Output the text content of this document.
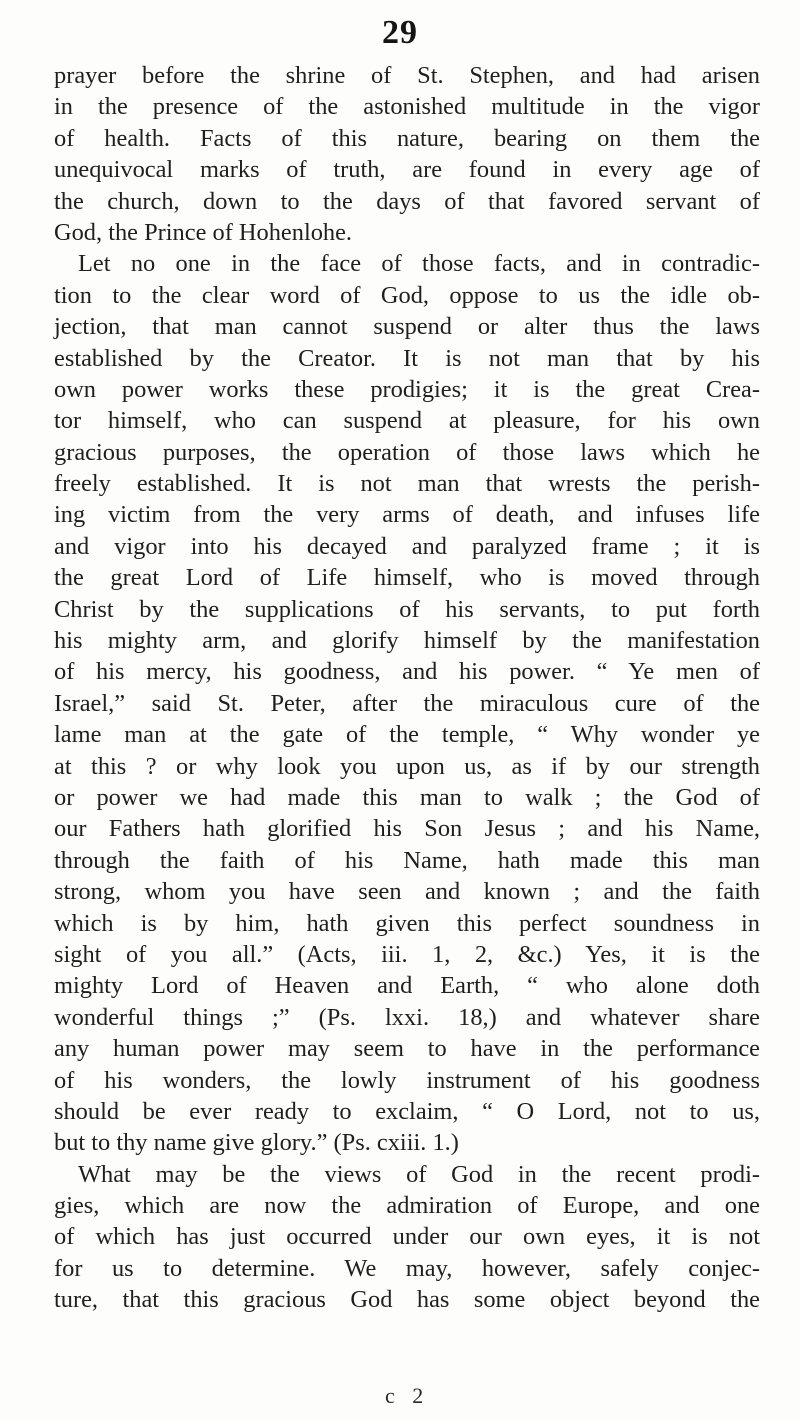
29
prayer before the shrine of St. Stephen, and had arisen
in the presence of the astonished multitude in the vigor
of health. Facts of this nature, bearing on them the
unequivocal marks of truth, are found in every age of
the church, down to the days of that favored servant of
God, the Prince of Hohenlohe.
Let no one in the face of those facts, and in contradic-
tion to the clear word of God, oppose to us the idle ob-
jection, that man cannot suspend or alter thus the laws
established by the Creator. It is not man that by his
own power works these prodigies; it is the great Crea-
tor himself, who can suspend at pleasure, for his own
gracious purposes, the operation of those laws which he
freely established. It is not man that wrests the perish-
ing victim from the very arms of death, and infuses life
and vigor into his decayed and paralyzed frame ; it is
the great Lord of Life himself, who is moved through
Christ by the supplications of his servants, to put forth
his mighty arm, and glorify himself by the manifestation
of his mercy, his goodness, and his power. “ Ye men of
Israel,” said St. Peter, after the miraculous cure of the
lame man at the gate of the temple, “ Why wonder ye
at this ? or why look you upon us, as if by our strength
or power we had made this man to walk ; the God of
our Fathers hath glorified his Son Jesus ; and his Name,
through the faith of his Name, hath made this man
strong, whom you have seen and known ; and the faith
which is by him, hath given this perfect soundness in
sight of you all.” (Acts, iii. 1, 2, &c.) Yes, it is the
mighty Lord of Heaven and Earth, “ who alone doth
wonderful things ;” (Ps. lxxi. 18,) and whatever share
any human power may seem to have in the performance
of his wonders, the lowly instrument of his goodness
should be ever ready to exclaim, “ O Lord, not to us,
but to thy name give glory.” (Ps. cxiii. 1.)
What may be the views of God in the recent prodi-
gies, which are now the admiration of Europe, and one
of which has just occurred under our own eyes, it is not
for us to determine. We may, however, safely conjec-
ture, that this gracious God has some object beyond the
c 2
